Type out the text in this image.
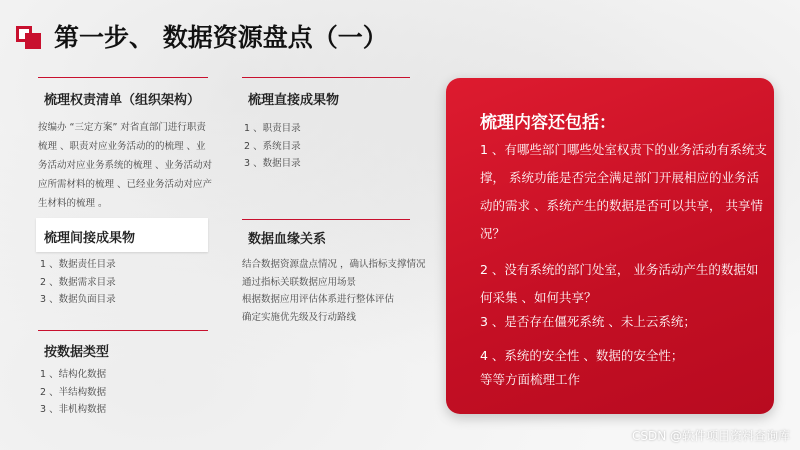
第一步、 数据资源盘点（一）
梳理权责清单（组织架构）
按编办 “三定方案” 对省直部门进行职责梳理 、职责对应业务活动的的梳理 、业务活动对应业务系统的梳理 、业务活动对应所需材料的梳理 、已经业务活动对应产生材料的梳理 。
梳理间接成果物
1 、数据责任目录
2 、数据需求目录
3 、数据负面目录
按数据类型
1 、结构化数据
2 、半结构数据
3 、非机构数据
梳理直接成果物
1 、职责目录
2 、系统目录
3 、数据目录
数据血缘关系
结合数据资源盘点情况 ，确认指标支撑情况
通过指标关联数据应用场景
根据数据应用评估体系进行整体评估
确定实施优先级及行动路线
梳理内容还包括：
1 、有哪些部门哪些处室权责下的业务活动有系统支撑， 系统功能是否完全满足部门开展相应的业务活动的需求 、系统产生的数据是否可以共享， 共享情况？
2 、没有系统的部门处室， 业务活动产生的数据如何采集 、如何共享？
3 、是否存在僵死系统 、未上云系统；
4 、系统的安全性 、数据的安全性；
等等方面梳理工作
CSDN @软件项目资料查询库
